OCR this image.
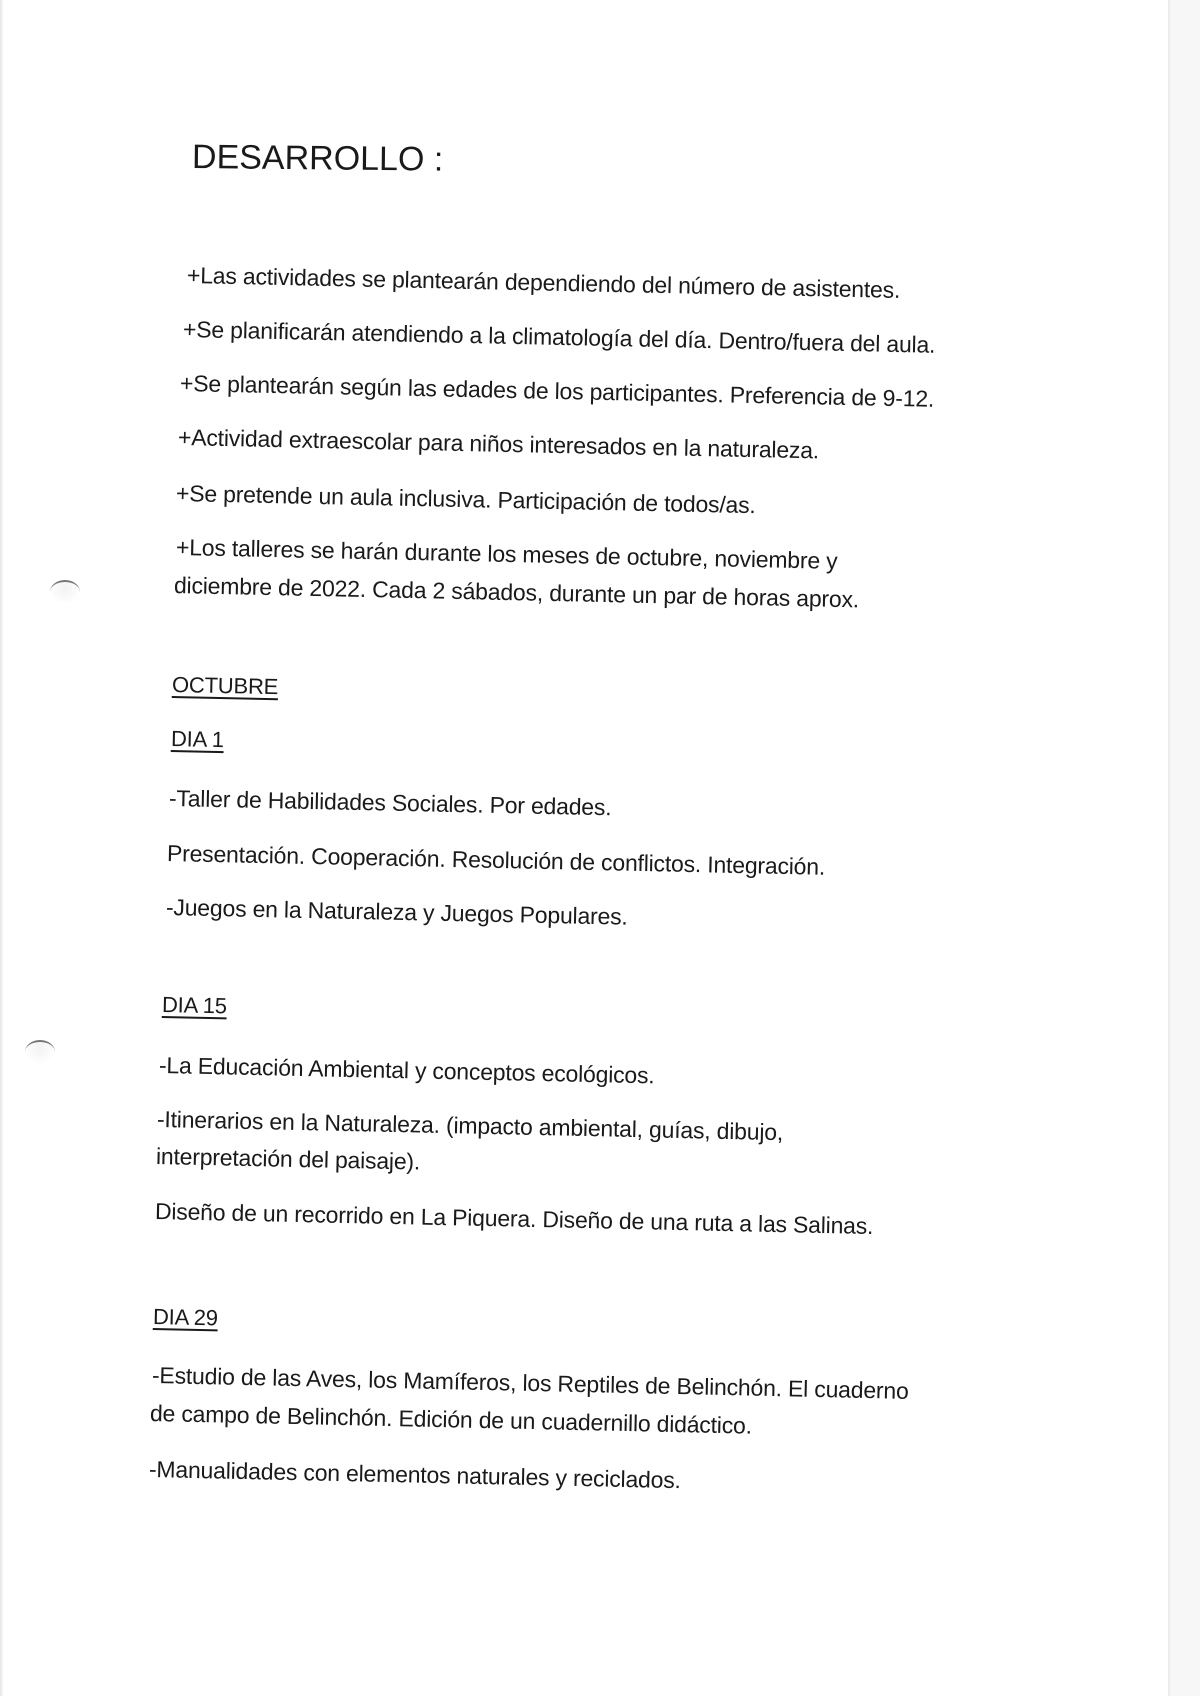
DESARROLLO :
+Las actividades se plantearán dependiendo del número de asistentes.
+Se planificarán atendiendo a la climatología del día. Dentro/fuera del aula.
+Se plantearán según las edades de los participantes. Preferencia de 9-12.
+Actividad extraescolar para niños interesados en la naturaleza.
+Se pretende un aula inclusiva. Participación de todos/as.
+Los talleres se harán durante los meses de octubre, noviembre y
diciembre de 2022. Cada 2 sábados, durante un par de horas aprox.
OCTUBRE
DIA 1
-Taller de Habilidades Sociales. Por edades.
Presentación. Cooperación. Resolución de conflictos. Integración.
-Juegos en la Naturaleza y Juegos Populares.
DIA 15
-La Educación Ambiental y conceptos ecológicos.
-Itinerarios en la Naturaleza. (impacto ambiental, guías, dibujo,
interpretación del paisaje).
Diseño de un recorrido en La Piquera. Diseño de una ruta a las Salinas.
DIA 29
-Estudio de las Aves, los Mamíferos, los Reptiles de Belinchón. El cuaderno
de campo de Belinchón. Edición de un cuadernillo didáctico.
-Manualidades con elementos naturales y reciclados.
